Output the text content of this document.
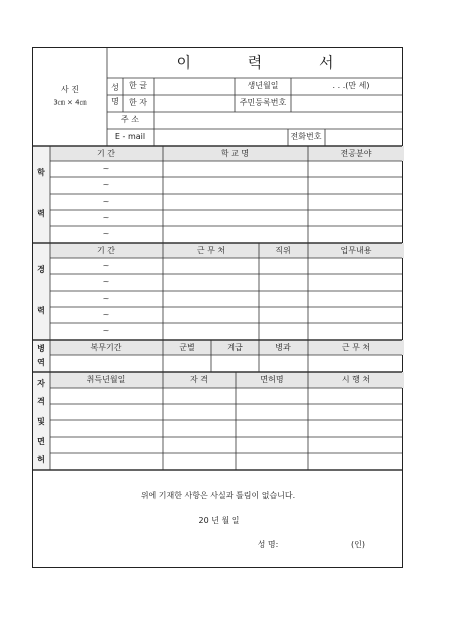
이 력 서
사 진
3㎝ × 4㎝
성
명
한 글
한 자
생년월일	. . .(만 세)
주민등록번호
주 소
E - mail	전화번호
학
력
기 간	학 교 명	전공분야
~
~
~
~
~
경
력
기 간	근 무 처	직위	업무내용
~
~
~
~
~
병
역
복무기간	군별	계급	병과	근 무 처
자
격
및
면
허
취득년월일	자 격	면허명	시 행 처
위에 기재한 사항은 사실과 틀림이 없습니다.
20 년 월 일
성 명:	(인)
